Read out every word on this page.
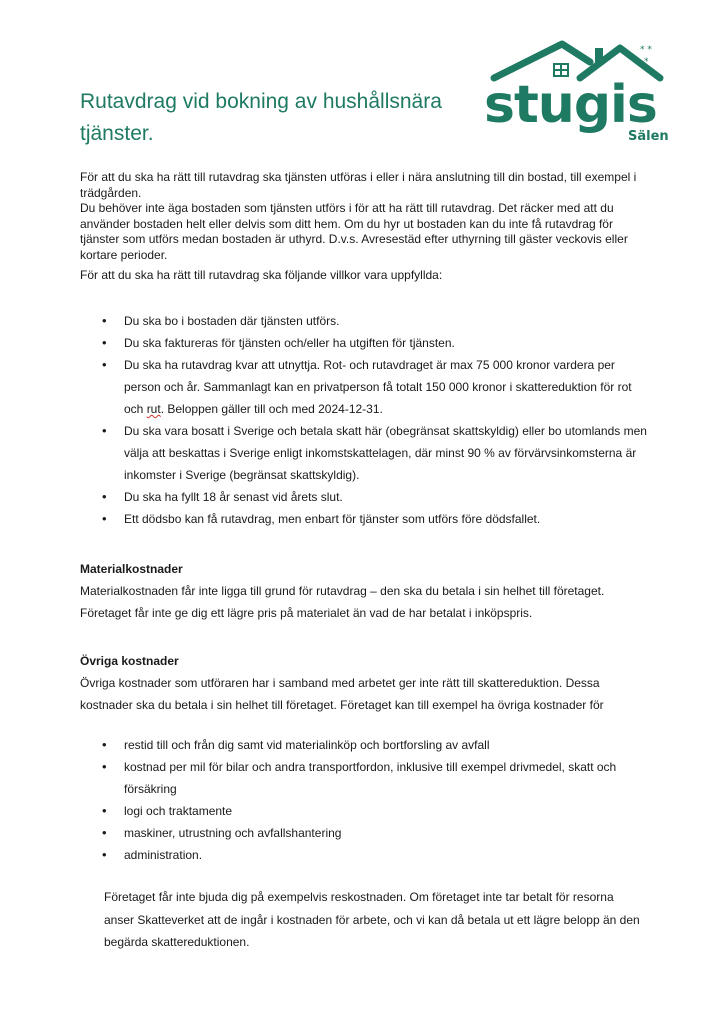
Rutavdrag vid bokning av hushållsnära tjänster.
* *
*
stugis
Sälen

För att du ska ha rätt till rutavdrag ska tjänsten utföras i eller i nära anslutning till din bostad, till exempel i trädgården.

Du behöver inte äga bostaden som tjänsten utförs i för att ha rätt till rutavdrag. Det räcker med att du använder bostaden helt eller delvis som ditt hem. Om du hyr ut bostaden kan du inte få rutavdrag för tjänster som utförs medan bostaden är uthyrd. D.v.s. Avresestäd efter uthyrning till gäster veckovis eller kortare perioder.

För att du ska ha rätt till rutavdrag ska följande villkor vara uppfyllda:

• Du ska bo i bostaden där tjänsten utförs.
• Du ska faktureras för tjänsten och/eller ha utgiften för tjänsten.
• Du ska ha rutavdrag kvar att utnyttja. Rot- och rutavdraget är max 75 000 kronor vardera per person och år. Sammanlagt kan en privatperson få totalt 150 000 kronor i skattereduktion för rot och rut. Beloppen gäller till och med 2024-12-31.
• Du ska vara bosatt i Sverige och betala skatt här (obegränsat skattskyldig) eller bo utomlands men välja att beskattas i Sverige enligt inkomstskattelagen, där minst 90 % av förvärvsinkomsterna är inkomster i Sverige (begränsat skattskyldig).
• Du ska ha fyllt 18 år senast vid årets slut.
• Ett dödsbo kan få rutavdrag, men enbart för tjänster som utförs före dödsfallet.
Materialkostnader

Materialkostnaden får inte ligga till grund för rutavdrag – den ska du betala i sin helhet till företaget. Företaget får inte ge dig ett lägre pris på materialet än vad de har betalat i inköpspris.

Övriga kostnader

Övriga kostnader som utföraren har i samband med arbetet ger inte rätt till skattereduktion. Dessa kostnader ska du betala i sin helhet till företaget. Företaget kan till exempel ha övriga kostnader för

• restid till och från dig samt vid materialinköp och bortforsling av avfall
• kostnad per mil för bilar och andra transportfordon, inklusive till exempel drivmedel, skatt och försäkring
• logi och traktamente
• maskiner, utrustning och avfallshantering
• administration.

Företaget får inte bjuda dig på exempelvis reskostnaden. Om företaget inte tar betalt för resorna anser Skatteverket att de ingår i kostnaden för arbete, och vi kan då betala ut ett lägre belopp än den begärda skattereduktionen.
